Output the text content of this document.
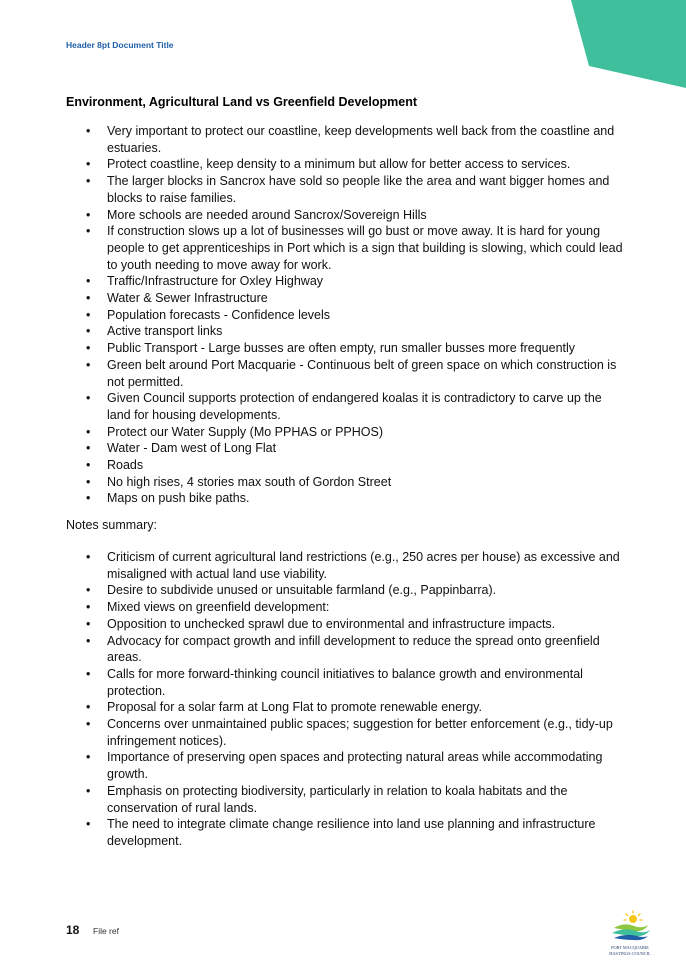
Header 8pt Document Title
Environment, Agricultural Land vs Greenfield Development
• Very important to protect our coastline, keep developments well back from the coastline and estuaries.
• Protect coastline, keep density to a minimum but allow for better access to services.
• The larger blocks in Sancrox have sold so people like the area and want bigger homes and blocks to raise families.
• More schools are needed around Sancrox/Sovereign Hills
• If construction slows up a lot of businesses will go bust or move away. It is hard for young people to get apprenticeships in Port which is a sign that building is slowing, which could lead to youth needing to move away for work.
• Traffic/Infrastructure for Oxley Highway
• Water & Sewer Infrastructure
• Population forecasts - Confidence levels
• Active transport links
• Public Transport - Large busses are often empty, run smaller busses more frequently
• Green belt around Port Macquarie - Continuous belt of green space on which construction is not permitted.
• Given Council supports protection of endangered koalas it is contradictory to carve up the land for housing developments.
• Protect our Water Supply (Mo PPHAS or PPHOS)
• Water - Dam west of Long Flat
• Roads
• No high rises, 4 stories max south of Gordon Street
• Maps on push bike paths.
Notes summary:
• Criticism of current agricultural land restrictions (e.g., 250 acres per house) as excessive and misaligned with actual land use viability.
• Desire to subdivide unused or unsuitable farmland (e.g., Pappinbarra).
• Mixed views on greenfield development:
• Opposition to unchecked sprawl due to environmental and infrastructure impacts.
• Advocacy for compact growth and infill development to reduce the spread onto greenfield areas.
• Calls for more forward-thinking council initiatives to balance growth and environmental protection.
• Proposal for a solar farm at Long Flat to promote renewable energy.
• Concerns over unmaintained public spaces; suggestion for better enforcement (e.g., tidy-up infringement notices).
• Importance of preserving open spaces and protecting natural areas while accommodating growth.
• Emphasis on protecting biodiversity, particularly in relation to koala habitats and the conservation of rural lands.
• The need to integrate climate change resilience into land use planning and infrastructure development.
18 File ref
PORT MACQUARIE
HASTINGS COUNCIL
